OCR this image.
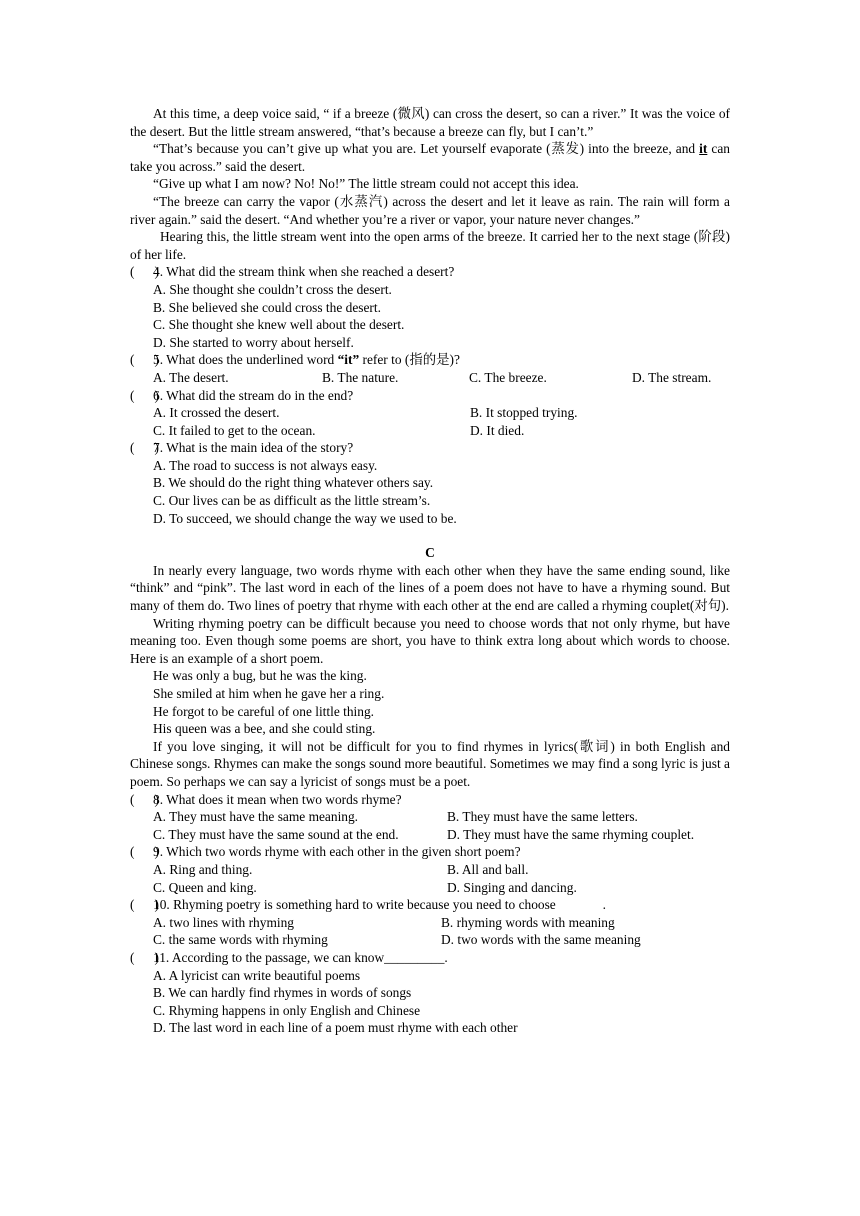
At this time, a deep voice said, “ if a breeze (微风) can cross the desert, so can a river.” It was the voice of the desert. But the little stream answered, “that’s because a breeze can fly, but I can’t.”

“That’s because you can’t give up what you are. Let yourself evaporate (蒸发) into the breeze, and it can take you across.” said the desert.

“Give up what I am now? No! No!” The little stream could not accept this idea.

“The breeze can carry the vapor (水蒸汽) across the desert and let it leave as rain. The rain will form a river again.” said the desert. “And whether you’re a river or vapor, your nature never changes.”

Hearing this, the little stream went into the open arms of the breeze. It carried her to the next stage (阶段) of her life.

(      )
4. What did the stream think when she reached a desert?
A. She thought she couldn’t cross the desert.
B. She believed she could cross the desert.
C. She thought she knew well about the desert.
D. She started to worry about herself.
(      )
5. What does the underlined word “it” refer to (指的是)?
A. The desert.	B. The nature.	C. The breeze.	D. The stream.
(      )
6. What did the stream do in the end?
A. It crossed the desert.	B. It stopped trying.
C. It failed to get to the ocean.	D. It died.
(      )
7. What is the main idea of the story?
A. The road to success is not always easy.
B. We should do the right thing whatever others say.
C. Our lives can be as difficult as the little stream’s.
D. To succeed, we should change the way we used to be.

C

In nearly every language, two words rhyme with each other when they have the same ending sound, like “think” and “pink”. The last word in each of the lines of a poem does not have to have a rhyming sound. But many of them do. Two lines of poetry that rhyme with each other at the end are called a rhyming couplet(对句).

Writing rhyming poetry can be difficult because you need to choose words that not only rhyme, but have meaning too. Even though some poems are short, you have to think extra long about which words to choose. Here is an example of a short poem.

He was only a bug, but he was the king.

She smiled at him when he gave her a ring.

He forgot to be careful of one little thing.

His queen was a bee, and she could sting.

If you love singing, it will not be difficult for you to find rhymes in lyrics(歌词) in both English and Chinese songs. Rhymes can make the songs sound more beautiful. Sometimes we may find a song lyric is just a poem. So perhaps we can say a lyricist of songs must be a poet.

(      )
8. What does it mean when two words rhyme?
A. They must have the same meaning.	B. They must have the same letters.
C. They must have the same sound at the end.	D. They must have the same rhyming couplet.
(      )
9. Which two words rhyme with each other in the given short poem?
A. Ring and thing.	B. All and ball.
C. Queen and king.	D. Singing and dancing.
(      )
10. Rhyming poetry is something hard to write because you need to choose              .
A. two lines with rhyming	B. rhyming words with meaning
C. the same words with rhyming	D. two words with the same meaning
(      )
11. According to the passage, we can know_________.
A. A lyricist can write beautiful poems
B. We can hardly find rhymes in words of songs
C. Rhyming happens in only English and Chinese
D. The last word in each line of a poem must rhyme with each other
